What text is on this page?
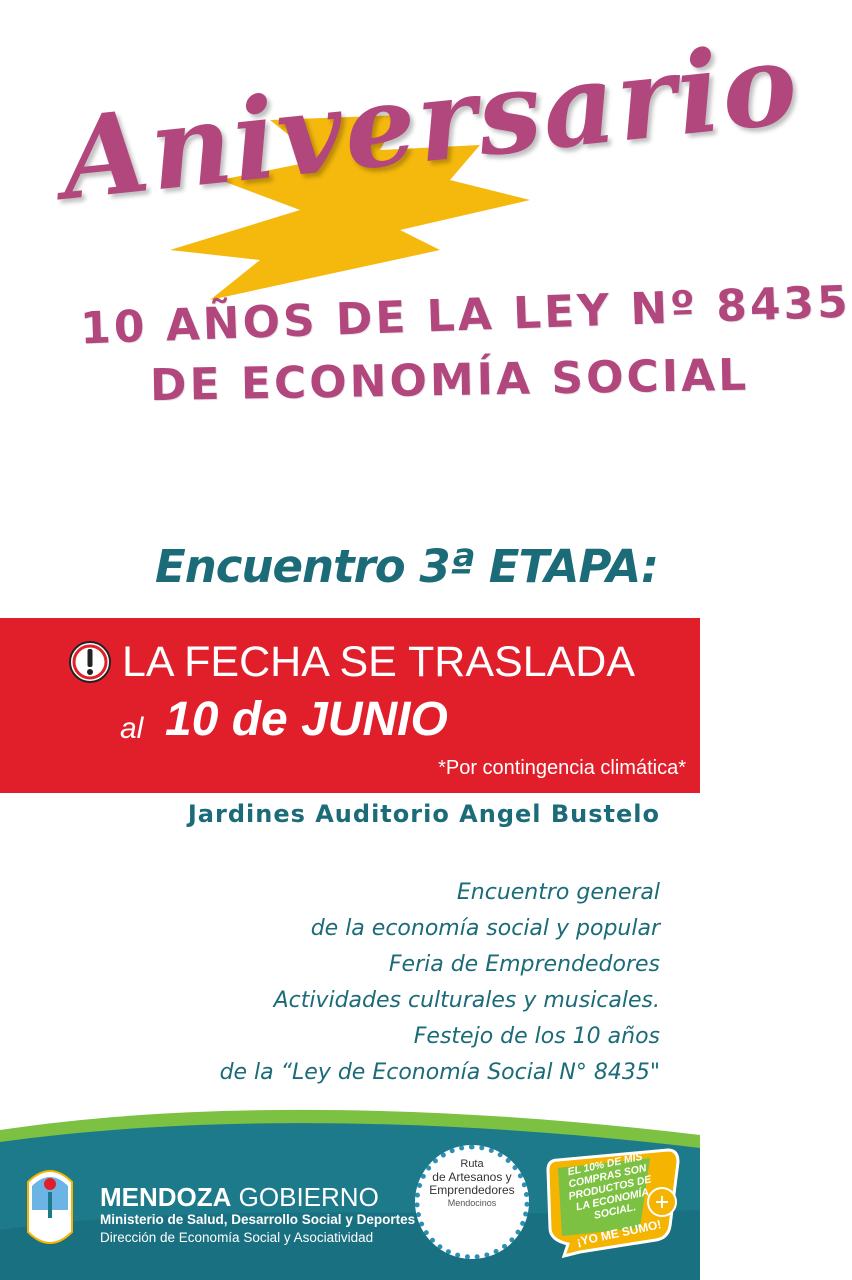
Aniversario
10 AÑOS DE LA LEY Nº 8435
DE ECONOMÍA SOCIAL
Encuentro 3ª ETAPA:
LA FECHA SE TRASLADA
al 10 de JUNIO
*Por contingencia climática*
Jardines Auditorio Angel Bustelo
Encuentro general
de la economía social y popular
Feria de Emprendedores
Actividades culturales y musicales.
Festejo de los 10 años
de la “Ley de Economía Social N° 8435"
MENDOZA GOBIERNO
Ministerio de Salud, Desarrollo Social y Deportes
Dirección de Economía Social y Asociatividad
Ruta
de Artesanos y
Emprendedores
Mendocinos
EL 10% DE MIS COMPRAS SON PRODUCTOS DE LA ECONOMÍA SOCIAL.
¡YO ME SUMO!
